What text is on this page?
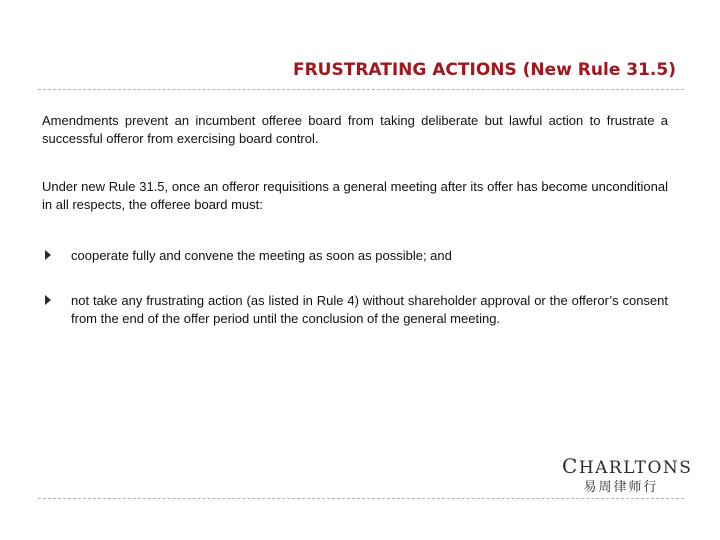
FRUSTRATING ACTIONS (New Rule 31.5)

Amendments prevent an incumbent offeree board from taking deliberate but lawful action to frustrate a successful offeror from exercising board control.

Under new Rule 31.5, once an offeror requisitions a general meeting after its offer has become unconditional in all respects, the offeree board must:

cooperate fully and convene the meeting as soon as possible; and
not take any frustrating action (as listed in Rule 4) without shareholder approval or the offeror’s consent from the end of the offer period until the conclusion of the general meeting.
CHARLTONS
易周律师行
